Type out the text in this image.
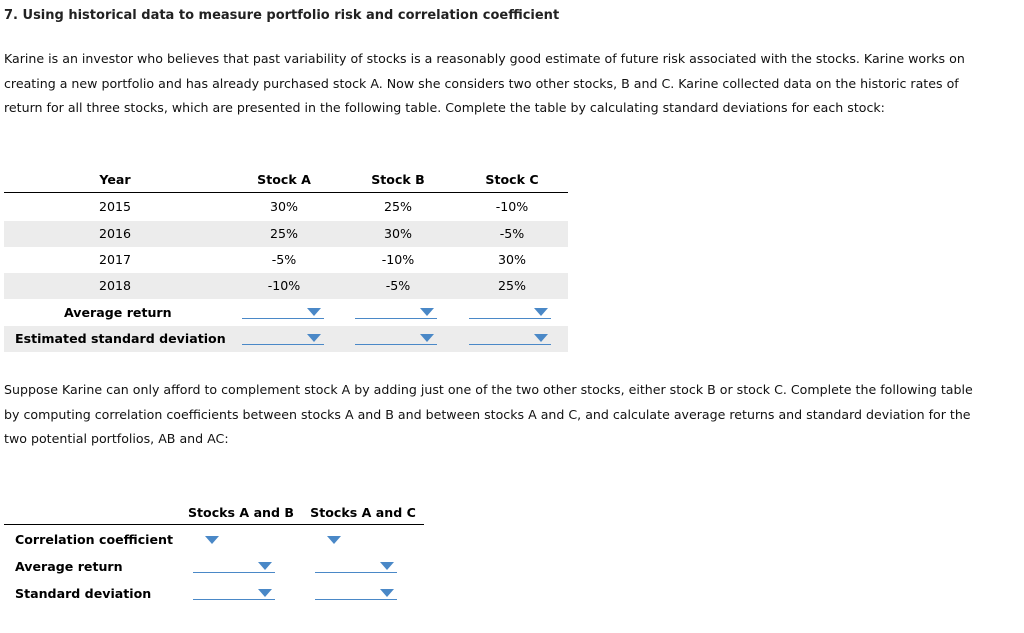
7. Using historical data to measure portfolio risk and correlation coefficient
Karine is an investor who believes that past variability of stocks is a reasonably good estimate of future risk associated with the stocks. Karine works on
creating a new portfolio and has already purchased stock A. Now she considers two other stocks, B and C. Karine collected data on the historic rates of
return for all three stocks, which are presented in the following table. Complete the table by calculating standard deviations for each stock:
Year	Stock A	Stock B	Stock C
2015	30%	25%	-10%
2016	25%	30%	-5%
2017	-5%	-10%	30%
2018	-10%	-5%	25%
Average return
Estimated standard deviation
Suppose Karine can only afford to complement stock A by adding just one of the two other stocks, either stock B or stock C. Complete the following table
by computing correlation coefficients between stocks A and B and between stocks A and C, and calculate average returns and standard deviation for the
two potential portfolios, AB and AC:
Stocks A and B Stocks A and C
Correlation coefficient
Average return
Standard deviation
